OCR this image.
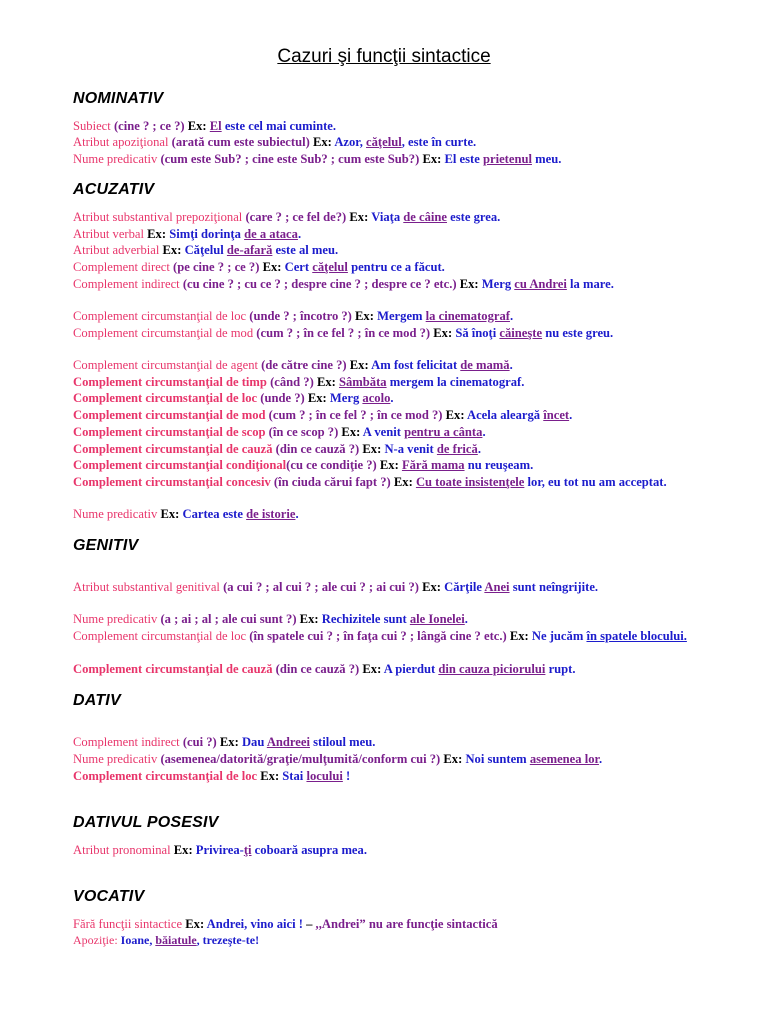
Cazuri şi funcţii sintactice
NOMINATIV
Subiect (cine ? ; ce ?) Ex: El este cel mai cuminte.
Atribut apoziţional (arată cum este subiectul) Ex: Azor, căţelul, este în curte.
Nume predicativ (cum este Sub? ; cine este Sub? ; cum este Sub?) Ex: El este prietenul meu.
ACUZATIV
Atribut substantival prepoziţional (care ? ; ce fel de?) Ex: Viaţa de câine este grea.
Atribut verbal Ex: Simţi dorinţa de a ataca.
Atribut adverbial Ex: Căţelul de-afară este al meu.
Complement direct (pe cine ? ; ce ?) Ex: Cert căţelul pentru ce a făcut.
Complement indirect (cu cine ? ; cu ce ? ; despre cine ? ; despre ce ? etc.) Ex: Merg cu Andrei la mare.
Complement circumstanţial de loc (unde ? ; încotro ?) Ex: Mergem la cinematograf.
Complement circumstanţial de mod (cum ? ; în ce fel ? ; în ce mod ?) Ex: Să înoţi căineşte nu este greu.
Complement circumstanţial de agent (de către cine ?) Ex: Am fost felicitat de mamă.
Complement circumstanţial de timp (când ?) Ex: Sâmbăta mergem la cinematograf.
Complement circumstanţial de loc (unde ?) Ex: Merg acolo.
Complement circumstanţial de mod (cum ? ; în ce fel ? ; în ce mod ?) Ex: Acela aleargă încet.
Complement circumstanţial de scop (în ce scop ?) Ex: A venit pentru a cânta.
Complement circumstanţial de cauză (din ce cauză ?) Ex: N-a venit de frică.
Complement circumstanţial condiţional(cu ce condiţie ?) Ex: Fără mama nu reuşeam.
Complement circumstanţial concesiv (în ciuda cărui fapt ?) Ex: Cu toate insistenţele lor, eu tot nu am acceptat.
Nume predicativ Ex: Cartea este de istorie.
GENITIV
Atribut substantival genitival (a cui ? ; al cui ? ; ale cui ? ; ai cui ?) Ex: Cărţile Anei sunt neîngrijite.
Nume predicativ (a ; ai ; al ; ale cui sunt ?) Ex: Rechizitele sunt ale Ionelei.
Complement circumstanţial de loc (în spatele cui ? ; în faţa cui ? ; lângă cine ? etc.) Ex: Ne jucăm în spatele blocului.
Complement circumstanţial de cauză (din ce cauză ?) Ex: A pierdut din cauza piciorului rupt.
DATIV
Complement indirect (cui ?) Ex: Dau Andreei stiloul meu.
Nume predicativ (asemenea/datorită/graţie/mulţumită/conform cui ?) Ex: Noi suntem asemenea lor.
Complement circumstanţial de loc Ex: Stai locului !
DATIVUL POSESIV
Atribut pronominal Ex: Privirea-ţi coboară asupra mea.
VOCATIV
Fără funcţii sintactice Ex: Andrei, vino aici ! – ,,Andrei” nu are funcţie sintactică
Apoziţie: Ioane, băiatule, trezeşte-te!
